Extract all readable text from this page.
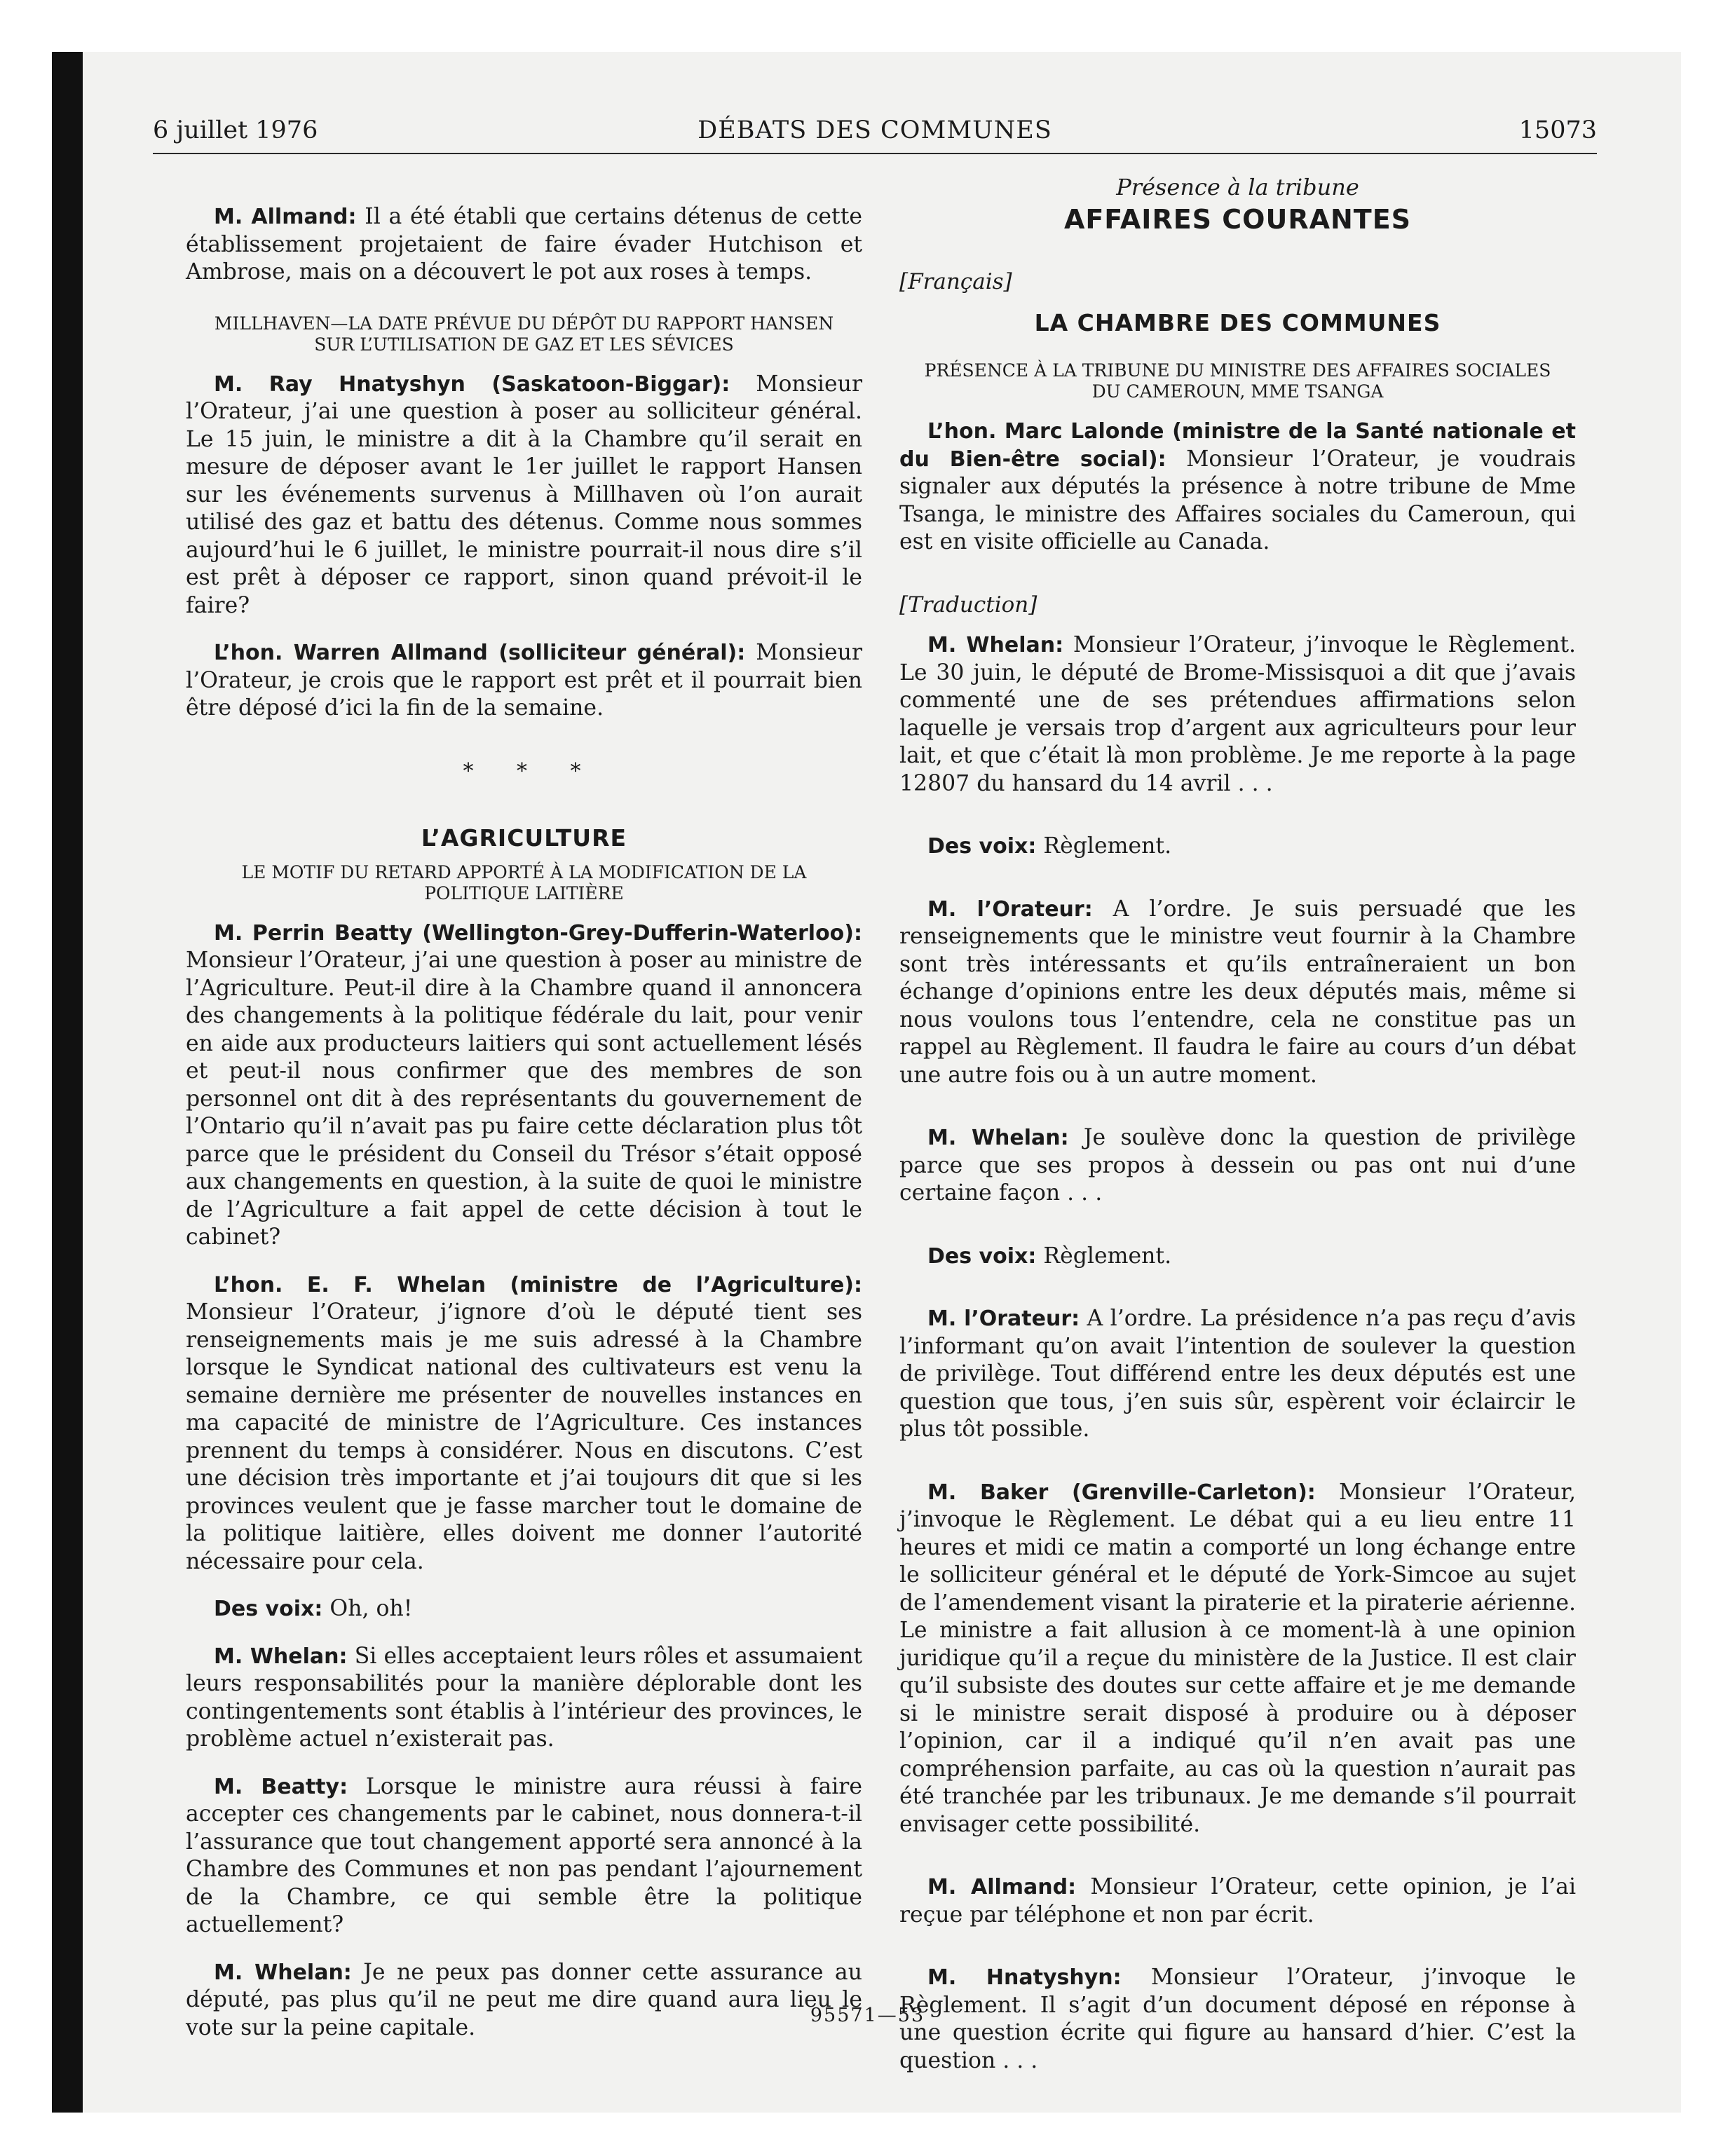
6 juillet 1976	DÉBATS DES COMMUNES	15073

M. Allmand: Il a été établi que certains détenus de cette établissement projetaient de faire évader Hutchison et Ambrose, mais on a découvert le pot aux roses à temps.

MILLHAVEN—LA DATE PRÉVUE DU DÉPÔT DU RAPPORT HANSEN SUR L’UTILISATION DE GAZ ET LES SÉVICES

M. Ray Hnatyshyn (Saskatoon-Biggar): Monsieur l’Orateur, j’ai une question à poser au solliciteur général. Le 15 juin, le ministre a dit à la Chambre qu’il serait en mesure de déposer avant le 1er juillet le rapport Hansen sur les événements survenus à Millhaven où l’on aurait utilisé des gaz et battu des détenus. Comme nous sommes aujourd’hui le 6 juillet, le ministre pourrait-il nous dire s’il est prêt à déposer ce rapport, sinon quand prévoit-il le faire?

L’hon. Warren Allmand (solliciteur général): Monsieur l’Orateur, je crois que le rapport est prêt et il pourrait bien être déposé d’ici la fin de la semaine.

* * *
L’AGRICULTURE
LE MOTIF DU RETARD APPORTÉ À LA MODIFICATION DE LA POLITIQUE LAITIÈRE

M. Perrin Beatty (Wellington-Grey-Dufferin-Waterloo): Monsieur l’Orateur, j’ai une question à poser au ministre de l’Agriculture. Peut-il dire à la Chambre quand il annoncera des changements à la politique fédérale du lait, pour venir en aide aux producteurs laitiers qui sont actuellement lésés et peut-il nous confirmer que des membres de son personnel ont dit à des représentants du gouvernement de l’Ontario qu’il n’avait pas pu faire cette déclaration plus tôt parce que le président du Conseil du Trésor s’était opposé aux changements en question, à la suite de quoi le ministre de l’Agriculture a fait appel de cette décision à tout le cabinet?

L’hon. E. F. Whelan (ministre de l’Agriculture): Monsieur l’Orateur, j’ignore d’où le député tient ses renseignements mais je me suis adressé à la Chambre lorsque le Syndicat national des cultivateurs est venu la semaine dernière me présenter de nouvelles instances en ma capacité de ministre de l’Agriculture. Ces instances prennent du temps à considérer. Nous en discutons. C’est une décision très importante et j’ai toujours dit que si les provinces veulent que je fasse marcher tout le domaine de la politique laitière, elles doivent me donner l’autorité nécessaire pour cela.

Des voix: Oh, oh!

M. Whelan: Si elles acceptaient leurs rôles et assumaient leurs responsabilités pour la manière déplorable dont les contingentements sont établis à l’intérieur des provinces, le problème actuel n’existerait pas.

M. Beatty: Lorsque le ministre aura réussi à faire accepter ces changements par le cabinet, nous donnera-t-il l’assurance que tout changement apporté sera annoncé à la Chambre des Communes et non pas pendant l’ajournement de la Chambre, ce qui semble être la politique actuellement?

M. Whelan: Je ne peux pas donner cette assurance au député, pas plus qu’il ne peut me dire quand aura lieu le vote sur la peine capitale.

Présence à la tribune
AFFAIRES COURANTES
[Français]
LA CHAMBRE DES COMMUNES
PRÉSENCE À LA TRIBUNE DU MINISTRE DES AFFAIRES SOCIALES DU CAMEROUN, MME TSANGA

L’hon. Marc Lalonde (ministre de la Santé nationale et du Bien-être social): Monsieur l’Orateur, je voudrais signaler aux députés la présence à notre tribune de Mme Tsanga, le ministre des Affaires sociales du Cameroun, qui est en visite officielle au Canada.

[Traduction]

M. Whelan: Monsieur l’Orateur, j’invoque le Règlement. Le 30 juin, le député de Brome-Missisquoi a dit que j’avais commenté une de ses prétendues affirmations selon laquelle je versais trop d’argent aux agriculteurs pour leur lait, et que c’était là mon problème. Je me reporte à la page 12807 du hansard du 14 avril . . .

Des voix: Règlement.

M. l’Orateur: A l’ordre. Je suis persuadé que les renseignements que le ministre veut fournir à la Chambre sont très intéressants et qu’ils entraîneraient un bon échange d’opinions entre les deux députés mais, même si nous voulons tous l’entendre, cela ne constitue pas un rappel au Règlement. Il faudra le faire au cours d’un débat une autre fois ou à un autre moment.

M. Whelan: Je soulève donc la question de privilège parce que ses propos à dessein ou pas ont nui d’une certaine façon . . .

Des voix: Règlement.

M. l’Orateur: A l’ordre. La présidence n’a pas reçu d’avis l’informant qu’on avait l’intention de soulever la question de privilège. Tout différend entre les deux députés est une question que tous, j’en suis sûr, espèrent voir éclaircir le plus tôt possible.

M. Baker (Grenville-Carleton): Monsieur l’Orateur, j’invoque le Règlement. Le débat qui a eu lieu entre 11 heures et midi ce matin a comporté un long échange entre le solliciteur général et le député de York-Simcoe au sujet de l’amendement visant la piraterie et la piraterie aérienne. Le ministre a fait allusion à ce moment-là à une opinion juridique qu’il a reçue du ministère de la Justice. Il est clair qu’il subsiste des doutes sur cette affaire et je me demande si le ministre serait disposé à produire ou à déposer l’opinion, car il a indiqué qu’il n’en avait pas une compréhension parfaite, au cas où la question n’aurait pas été tranchée par les tribunaux. Je me demande s’il pourrait envisager cette possibilité.

M. Allmand: Monsieur l’Orateur, cette opinion, je l’ai reçue par téléphone et non par écrit.

M. Hnatyshyn: Monsieur l’Orateur, j’invoque le Règlement. Il s’agit d’un document déposé en réponse à une question écrite qui figure au hansard d’hier. C’est la question . . .

95571—53
